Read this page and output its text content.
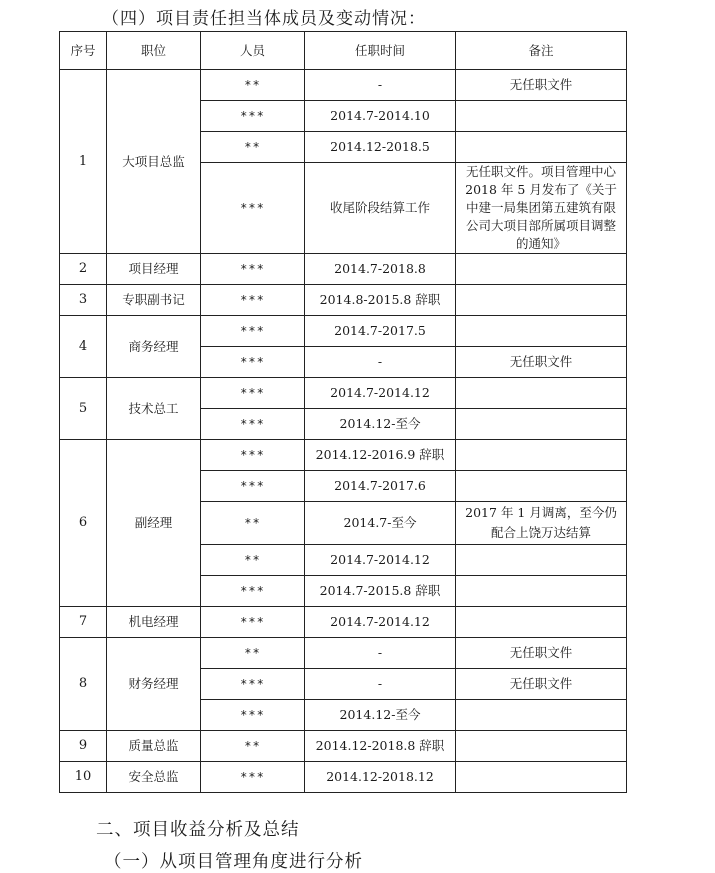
（四）项目责任担当体成员及变动情况：
序号	职位	人员	任职时间	备注
1	大项目总监	**	-	无任职文件
		***	2014.7-2014.10	
		**	2014.12-2018.5	
		***	收尾阶段结算工作	无任职文件。项目管理中心 2018 年 5 月发布了《关于中建一局集团第五建筑有限公司大项目部所属项目调整的通知》
2	项目经理	***	2014.7-2018.8	
3	专职副书记	***	2014.8-2015.8 辞职	
4	商务经理	***	2014.7-2017.5	
		***	-	无任职文件
5	技术总工	***	2014.7-2014.12	
		***	2014.12-至今	
6	副经理	***	2014.12-2016.9 辞职	
		***	2014.7-2017.6	
		**	2014.7-至今	2017 年 1 月调离，至今仍配合上饶万达结算
		**	2014.7-2014.12	
		***	2014.7-2015.8 辞职	
7	机电经理	***	2014.7-2014.12	
8	财务经理	**	-	无任职文件
		***	-	无任职文件
		***	2014.12-至今	
9	质量总监	**	2014.12-2018.8 辞职	
10	安全总监	***	2014.12-2018.12	
二、项目收益分析及总结
（一）从项目管理角度进行分析
